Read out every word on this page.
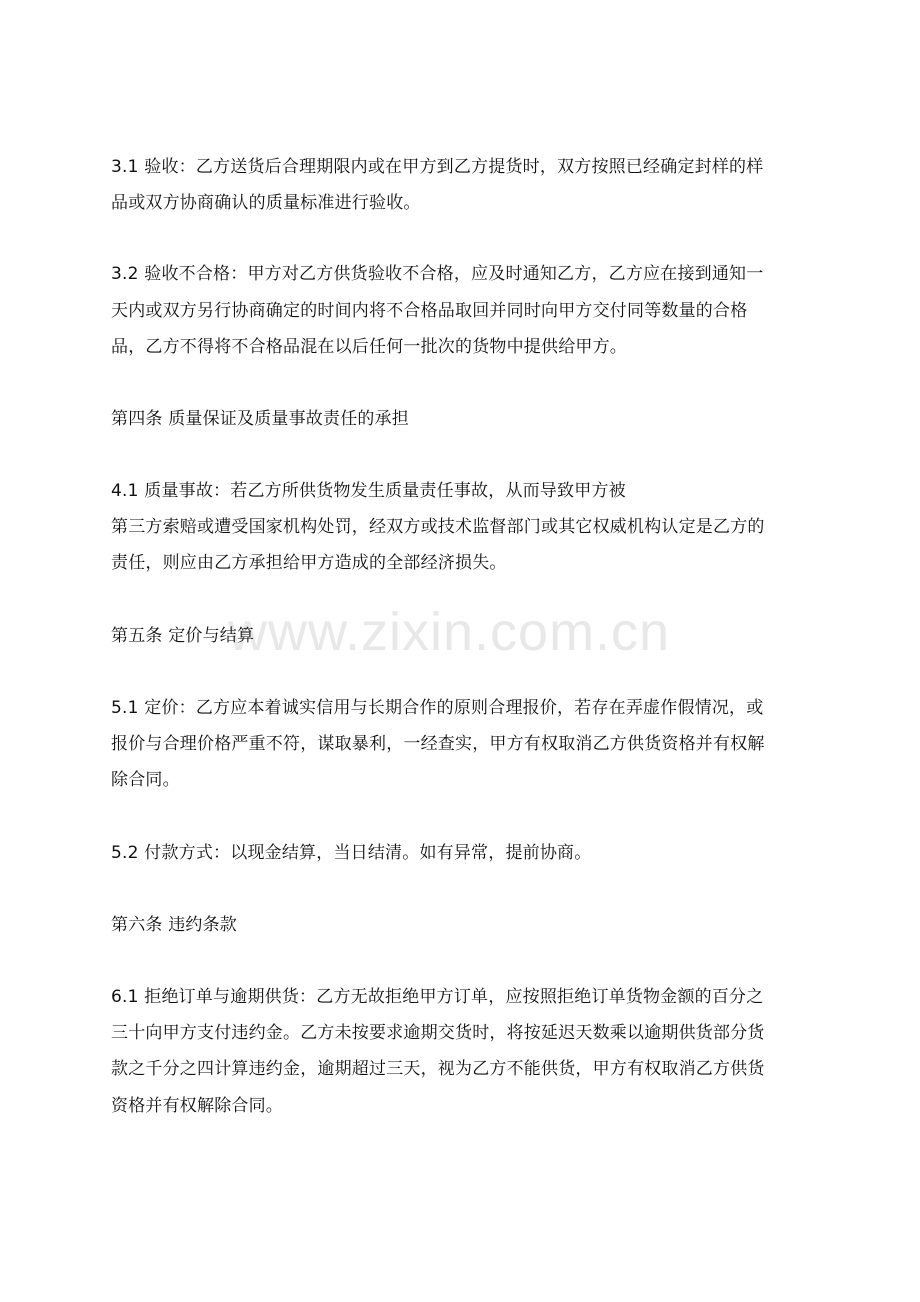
www.zixin.com.cn
3.1 验收：乙方送货后合理期限内或在甲方到乙方提货时，双方按照已经确定封样的样
品或双方协商确认的质量标准进行验收。
3.2 验收不合格：甲方对乙方供货验收不合格，应及时通知乙方，乙方应在接到通知一
天内或双方另行协商确定的时间内将不合格品取回并同时向甲方交付同等数量的合格
品，乙方不得将不合格品混在以后任何一批次的货物中提供给甲方。
第四条 质量保证及质量事故责任的承担
4.1 质量事故：若乙方所供货物发生质量责任事故，从而导致甲方被
第三方索赔或遭受国家机构处罚，经双方或技术监督部门或其它权威机构认定是乙方的
责任，则应由乙方承担给甲方造成的全部经济损失。
第五条 定价与结算
5.1 定价：乙方应本着诚实信用与长期合作的原则合理报价，若存在弄虚作假情况，或
报价与合理价格严重不符，谋取暴利，一经查实，甲方有权取消乙方供货资格并有权解
除合同。
5.2 付款方式：以现金结算，当日结清。如有异常，提前协商。
第六条 违约条款
6.1 拒绝订单与逾期供货：乙方无故拒绝甲方订单，应按照拒绝订单货物金额的百分之
三十向甲方支付违约金。乙方未按要求逾期交货时，将按延迟天数乘以逾期供货部分货
款之千分之四计算违约金，逾期超过三天，视为乙方不能供货，甲方有权取消乙方供货
资格并有权解除合同。
